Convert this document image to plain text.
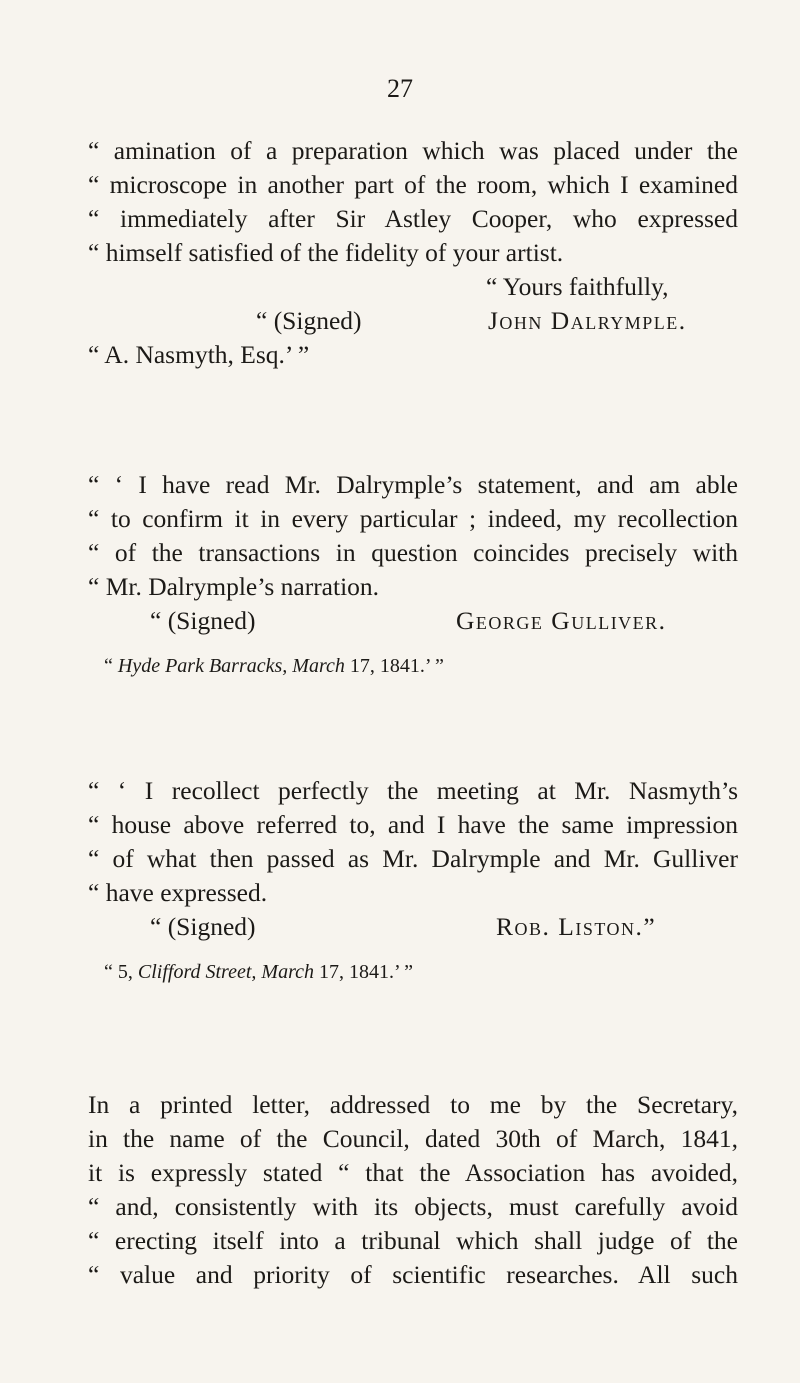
27
“ amination of a preparation which was placed under the
“ microscope in another part of the room, which I examined
“ immediately after Sir Astley Cooper, who expressed
“ himself satisfied of the fidelity of your artist.
“ Yours faithfully,
“ (Signed)	John Dalrymple.
“ A. Nasmyth, Esq.’ ”
“ ‘ I have read Mr. Dalrymple’s statement, and am able
“ to confirm it in every particular ; indeed, my recollection
“ of the transactions in question coincides precisely with
“ Mr. Dalrymple’s narration.
“ (Signed)	George Gulliver.
“ Hyde Park Barracks, March 17, 1841.’ ”
“ ‘ I recollect perfectly the meeting at Mr. Nasmyth’s
“ house above referred to, and I have the same impression
“ of what then passed as Mr. Dalrymple and Mr. Gulliver
“ have expressed.
“ (Signed)	Rob. Liston.”
“ 5, Clifford Street, March 17, 1841.’ ”
In a printed letter, addressed to me by the Secretary,
in the name of the Council, dated 30th of March, 1841,
it is expressly stated “ that the Association has avoided,
“ and, consistently with its objects, must carefully avoid
“ erecting itself into a tribunal which shall judge of the
“ value and priority of scientific researches. All such
